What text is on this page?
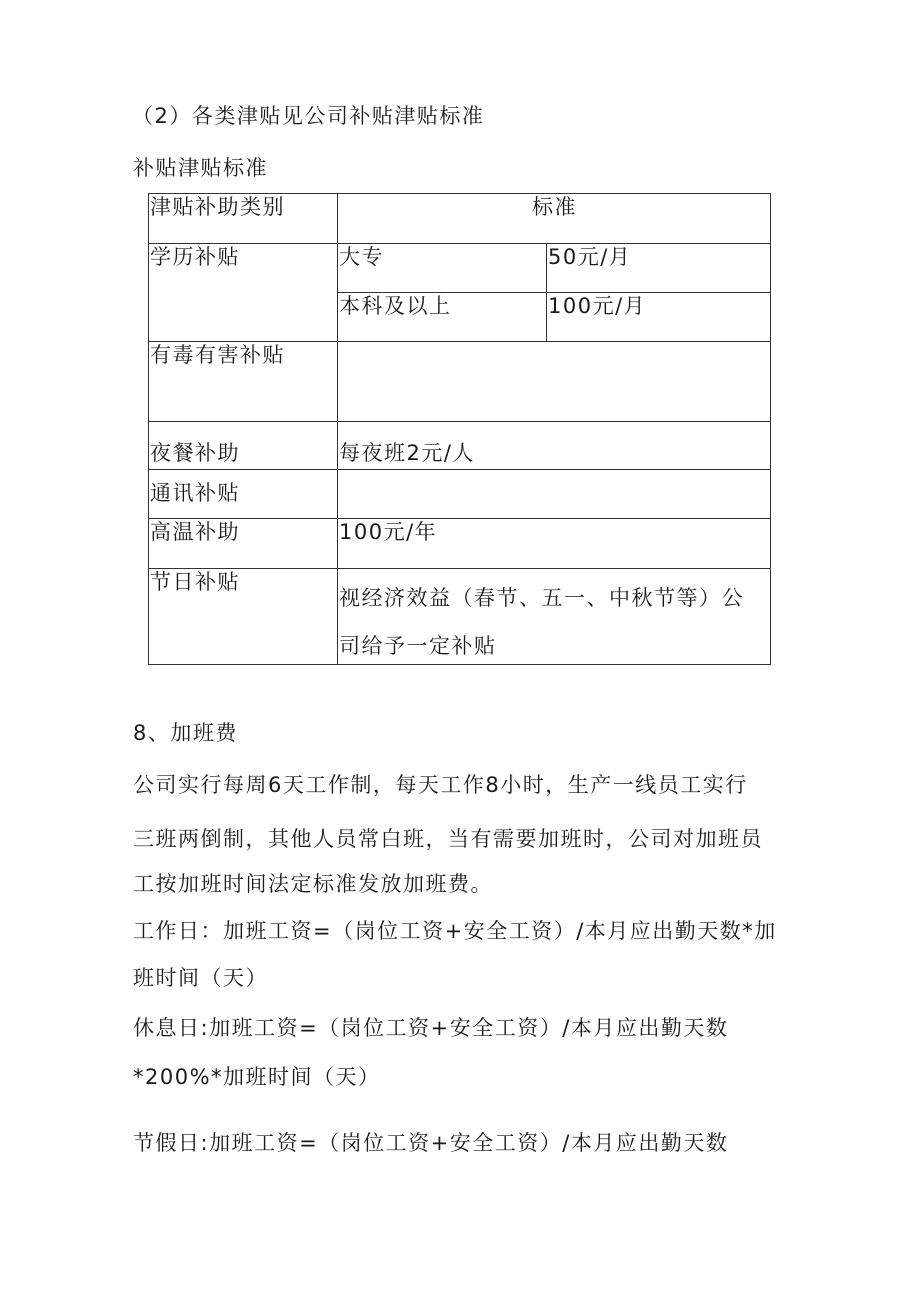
（2）各类津贴见公司补贴津贴标准
补贴津贴标准
津贴补助类别	标准	
学历补贴	大专	50元/月
	本科及以上	100元/月
有毒有害补贴		
夜餐补助	每夜班2元/人	
通讯补贴		
高温补助	100元/年	
节日补贴	视经济效益（春节、五一、中秋节等）公
司给予一定补贴	
8、加班费
公司实行每周6天工作制，每天工作8小时，生产一线员工实行
三班两倒制，其他人员常白班，当有需要加班时，公司对加班员
工按加班时间法定标准发放加班费。
工作日：加班工资=（岗位工资+安全工资）/本月应出勤天数*加
班时间（天）
休息日:加班工资=（岗位工资+安全工资）/本月应出勤天数
*200%*加班时间（天）
节假日:加班工资=（岗位工资+安全工资）/本月应出勤天数
